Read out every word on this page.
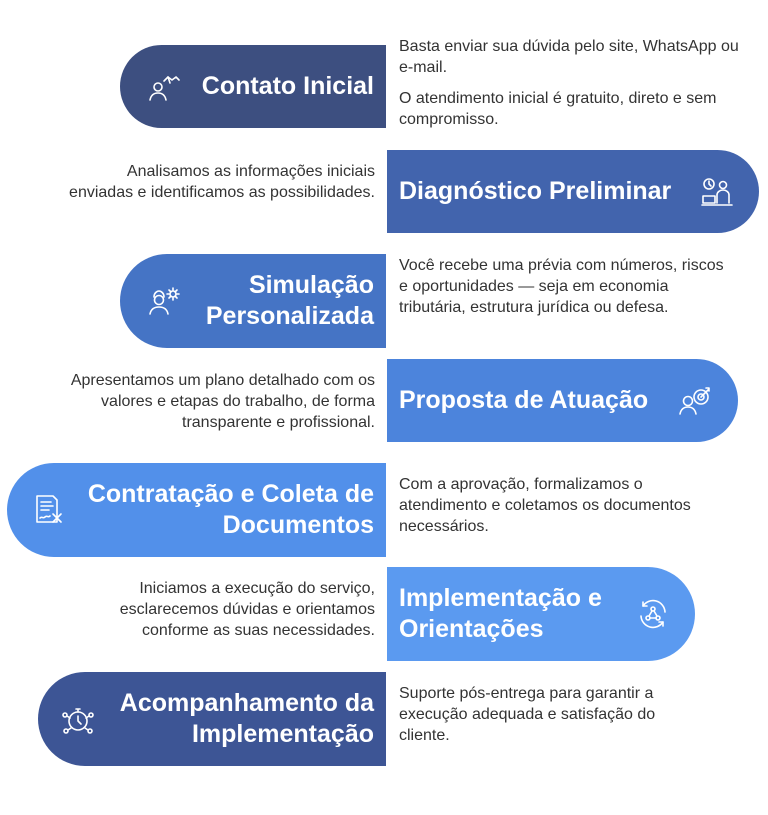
Contato Inicial

Basta enviar sua dúvida pelo site, WhatsApp ou e-mail.

O atendimento inicial é gratuito, direto e sem compromisso.

Diagnóstico Preliminar

Analisamos as informações iniciais enviadas e identificamos as possibilidades.

Simulação Personalizada

Você recebe uma prévia com números, riscos e oportunidades — seja em economia tributária, estrutura jurídica ou defesa.

Proposta de Atuação

Apresentamos um plano detalhado com os valores e etapas do trabalho, de forma transparente e profissional.

Contratação e Coleta de Documentos

Com a aprovação, formalizamos o atendimento e coletamos os documentos necessários.

Implementação e Orientações

Iniciamos a execução do serviço, esclarecemos dúvidas e orientamos conforme as suas necessidades.

Acompanhamento da Implementação

Suporte pós-entrega para garantir a execução adequada e satisfação do cliente.
